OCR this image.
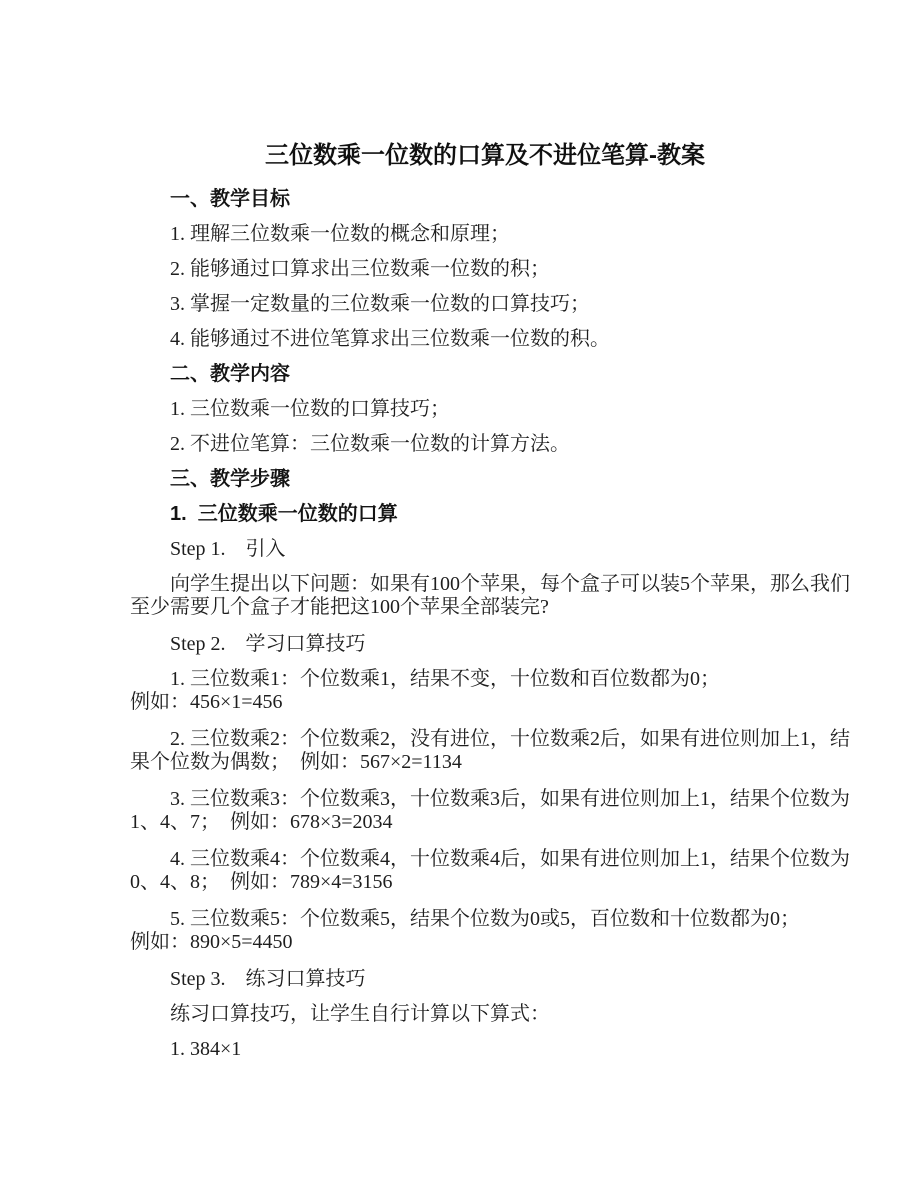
三位数乘一位数的口算及不进位笔算-教案
一、教学目标
1. 理解三位数乘一位数的概念和原理；
2. 能够通过口算求出三位数乘一位数的积；
3. 掌握一定数量的三位数乘一位数的口算技巧；
4. 能够通过不进位笔算求出三位数乘一位数的积。
二、教学内容
1. 三位数乘一位数的口算技巧；
2. 不进位笔算：三位数乘一位数的计算方法。
三、教学步骤
1.  三位数乘一位数的口算
Step 1.　引入
向学生提出以下问题：如果有100个苹果，每个盒子可以装5个苹果，那么我们
至少需要几个盒子才能把这100个苹果全部装完?
Step 2.　学习口算技巧
1. 三位数乘1：个位数乘1，结果不变，十位数和百位数都为0；
例如：456×1=456
2. 三位数乘2：个位数乘2，没有进位，十位数乘2后，如果有进位则加上1，结
果个位数为偶数；　例如：567×2=1134
3. 三位数乘3：个位数乘3，十位数乘3后，如果有进位则加上1，结果个位数为
1、4、7；　例如：678×3=2034
4. 三位数乘4：个位数乘4，十位数乘4后，如果有进位则加上1，结果个位数为
0、4、8；　例如：789×4=3156
5. 三位数乘5：个位数乘5，结果个位数为0或5，百位数和十位数都为0；
例如：890×5=4450
Step 3.　练习口算技巧
练习口算技巧，让学生自行计算以下算式：
1. 384×1
